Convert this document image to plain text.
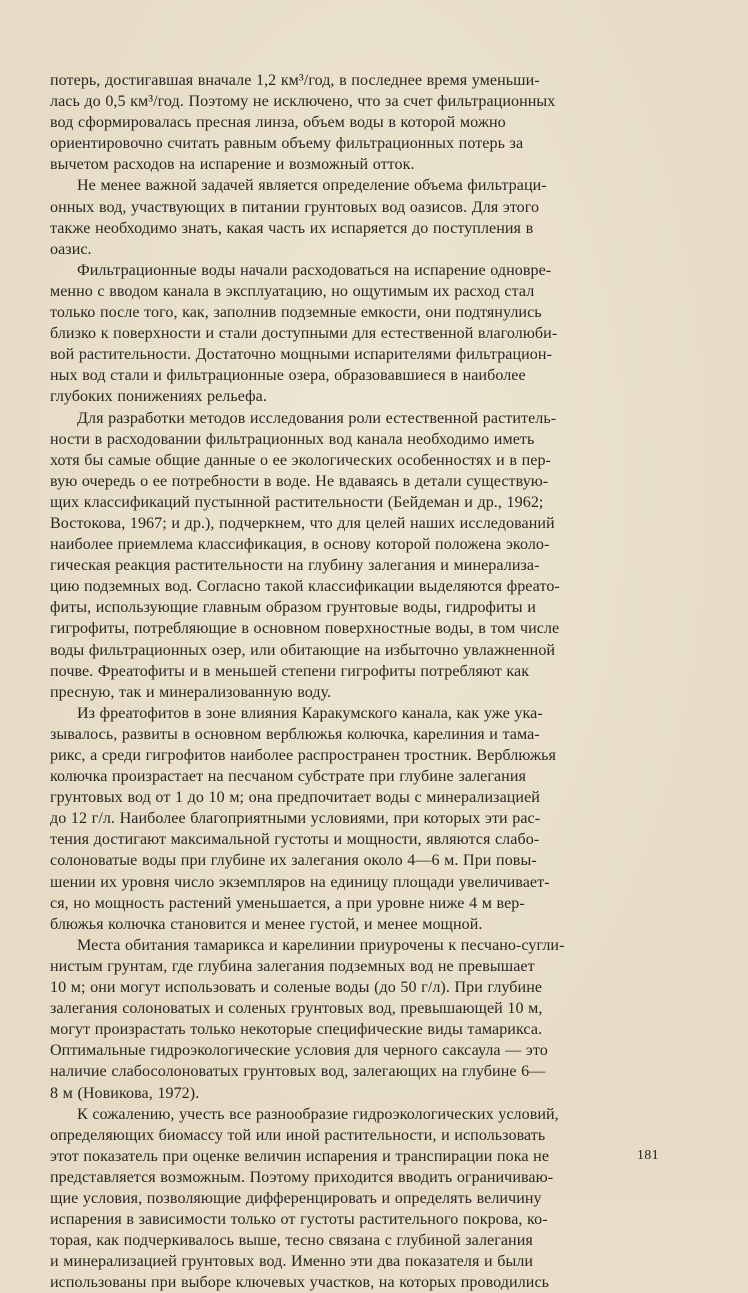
потерь, достигавшая вначале 1,2 км³/год, в последнее время уменьши-
лась до 0,5 км³/год. Поэтому не исключено, что за счет фильтрационных
вод сформировалась пресная линза, объем воды в которой можно
ориентировочно считать равным объему фильтрационных потерь за
вычетом расходов на испарение и возможный отток.

Не менее важной задачей является определение объема фильтраци-
онных вод, участвующих в питании грунтовых вод оазисов. Для этого
также необходимо знать, какая часть их испаряется до поступления в
оазис.

Фильтрационные воды начали расходоваться на испарение одновре-
менно с вводом канала в эксплуатацию, но ощутимым их расход стал
только после того, как, заполнив подземные емкости, они подтянулись
близко к поверхности и стали доступными для естественной влаголюби-
вой растительности. Достаточно мощными испарителями фильтрацион-
ных вод стали и фильтрационные озера, образовавшиеся в наиболее
глубоких понижениях рельефа.

Для разработки методов исследования роли естественной раститель-
ности в расходовании фильтрационных вод канала необходимо иметь
хотя бы самые общие данные о ее экологических особенностях и в пер-
вую очередь о ее потребности в воде. Не вдаваясь в детали существую-
щих классификаций пустынной растительности (Бейдеман и др., 1962;
Востокова, 1967; и др.), подчеркнем, что для целей наших исследований
наиболее приемлема классификация, в основу которой положена эколо-
гическая реакция растительности на глубину залегания и минерализа-
цию подземных вод. Согласно такой классификации выделяются фреато-
фиты, использующие главным образом грунтовые воды, гидрофиты и
гигрофиты, потребляющие в основном поверхностные воды, в том числе
воды фильтрационных озер, или обитающие на избыточно увлажненной
почве. Фреатофиты и в меньшей степени гигрофиты потребляют как
пресную, так и минерализованную воду.

Из фреатофитов в зоне влияния Каракумского канала, как уже ука-
зывалось, развиты в основном верблюжья колючка, карелиния и тама-
рикс, а среди гигрофитов наиболее распространен тростник. Верблюжья
колючка произрастает на песчаном субстрате при глубине залегания
грунтовых вод от 1 до 10 м; она предпочитает воды с минерализацией
до 12 г/л. Наиболее благоприятными условиями, при которых эти рас-
тения достигают максимальной густоты и мощности, являются слабо-
солоноватые воды при глубине их залегания около 4—6 м. При повы-
шении их уровня число экземпляров на единицу площади увеличивает-
ся, но мощность растений уменьшается, а при уровне ниже 4 м вер-
блюжья колючка становится и менее густой, и менее мощной.

Места обитания тамарикса и карелинии приурочены к песчано-сугли-
нистым грунтам, где глубина залегания подземных вод не превышает
10 м; они могут использовать и соленые воды (до 50 г/л). При глубине
залегания солоноватых и соленых грунтовых вод, превышающей 10 м,
могут произрастать только некоторые специфические виды тамарикса.
Оптимальные гидроэкологические условия для черного саксаула — это
наличие слабосолоноватых грунтовых вод, залегающих на глубине 6—
8 м (Новикова, 1972).

К сожалению, учесть все разнообразие гидроэкологических условий,
определяющих биомассу той или иной растительности, и использовать
этот показатель при оценке величин испарения и транспирации пока не
представляется возможным. Поэтому приходится вводить ограничиваю-
щие условия, позволяющие дифференцировать и определять величину
испарения в зависимости только от густоты растительного покрова, ко-
торая, как подчеркивалось выше, тесно связана с глубиной залегания
и минерализацией грунтовых вод. Именно эти два показателя и были
использованы при выборе ключевых участков, на которых проводились

181
